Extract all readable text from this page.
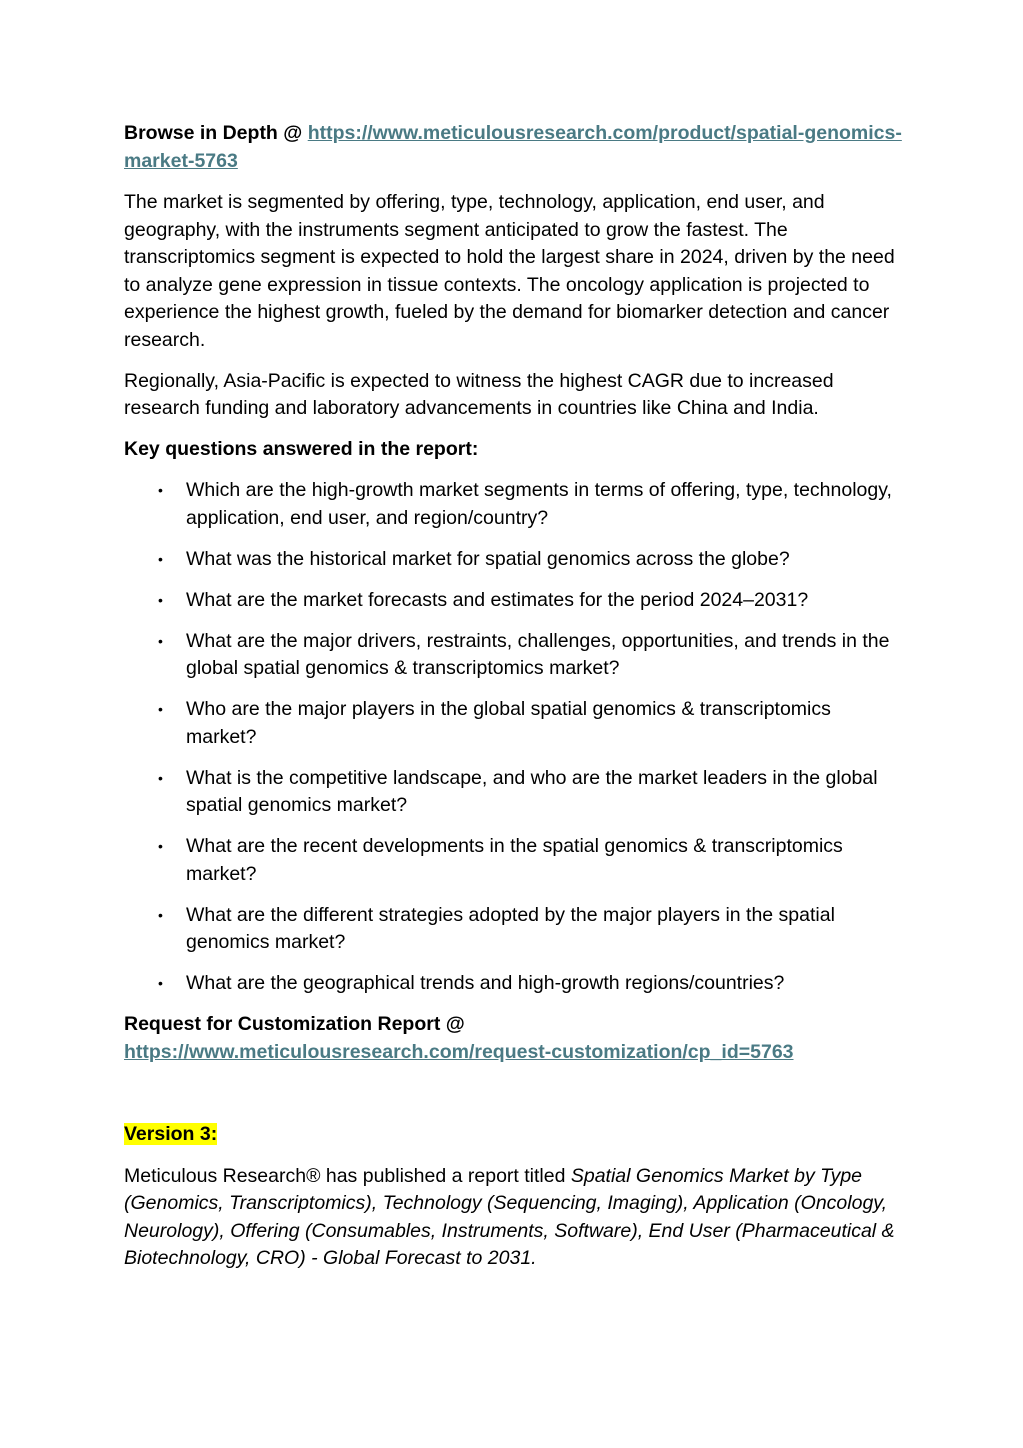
Browse in Depth @ https://www.meticulousresearch.com/product/spatial-genomics-market-5763

The market is segmented by offering, type, technology, application, end user, and geography, with the instruments segment anticipated to grow the fastest. The transcriptomics segment is expected to hold the largest share in 2024, driven by the need to analyze gene expression in tissue contexts. The oncology application is projected to experience the highest growth, fueled by the demand for biomarker detection and cancer research.

Regionally, Asia-Pacific is expected to witness the highest CAGR due to increased research funding and laboratory advancements in countries like China and India.

Key questions answered in the report:

• Which are the high-growth market segments in terms of offering, type, technology, application, end user, and region/country?
• What was the historical market for spatial genomics across the globe?
• What are the market forecasts and estimates for the period 2024–2031?
• What are the major drivers, restraints, challenges, opportunities, and trends in the global spatial genomics & transcriptomics market?
• Who are the major players in the global spatial genomics & transcriptomics market?
• What is the competitive landscape, and who are the market leaders in the global spatial genomics market?
• What are the recent developments in the spatial genomics & transcriptomics market?
• What are the different strategies adopted by the major players in the spatial genomics market?
• What are the geographical trends and high-growth regions/countries?

Request for Customization Report @

https://www.meticulousresearch.com/request-customization/cp_id=5763

Version 3:

Meticulous Research® has published a report titled Spatial Genomics Market by Type (Genomics, Transcriptomics), Technology (Sequencing, Imaging), Application (Oncology, Neurology), Offering (Consumables, Instruments, Software), End User (Pharmaceutical & Biotechnology, CRO) - Global Forecast to 2031.
